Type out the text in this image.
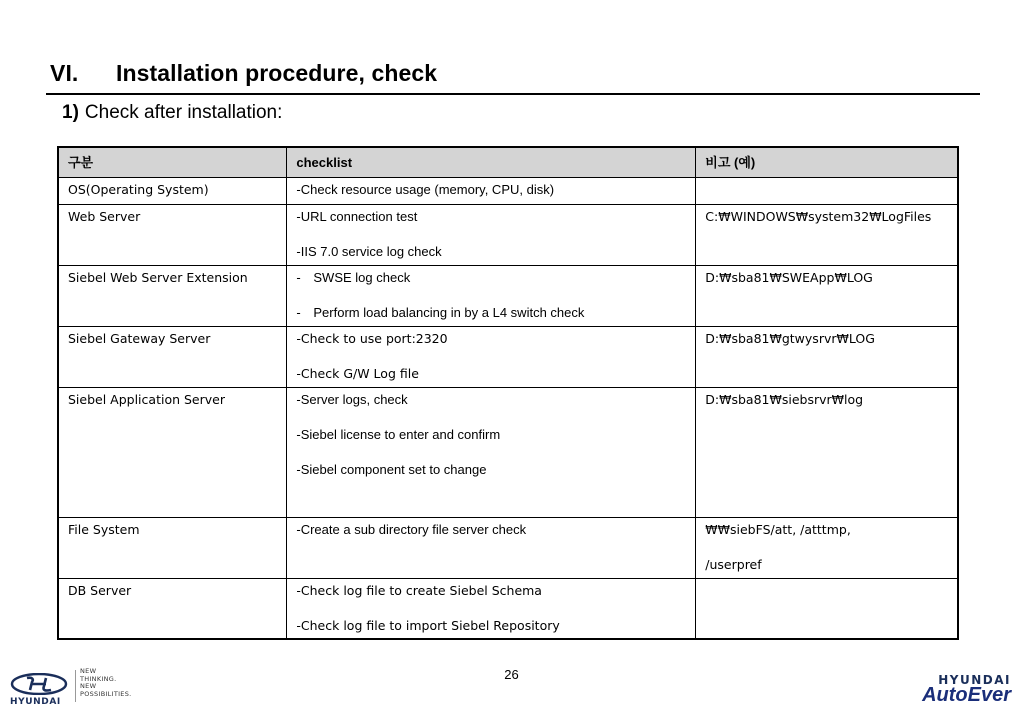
VI. Installation procedure, check
1) Check after installation:
구분	checklist	비고 (예)
OS(Operating System)	-Check resource usage (memory, CPU, disk)	

Web Server	-URL connection test
-IIS 7.0 service log check	C:₩WINDOWS₩system32₩LogFiles

Siebel Web Server Extension	- SWSE log check
- Perform load balancing in by a L4 switch check	D:₩sba81₩SWEApp₩LOG

Siebel Gateway Server	-Check to use port:2320
-Check G/W Log file	D:₩sba81₩gtwysrvr₩LOG

Siebel Application Server	-Server logs, check
-Siebel license to enter and confirm
-Siebel component set to change	D:₩sba81₩siebsrvr₩log

File System	-Create a sub directory file server check	₩₩siebFS/att, /atttmp,
/userpref

DB Server	-Check log file to create Siebel Schema
-Check log file to import Siebel Repository	

26
HYUNDAI
NEW
THINKING.
NEW
POSSIBILITIES.
HYUNDAI
AutoEver
